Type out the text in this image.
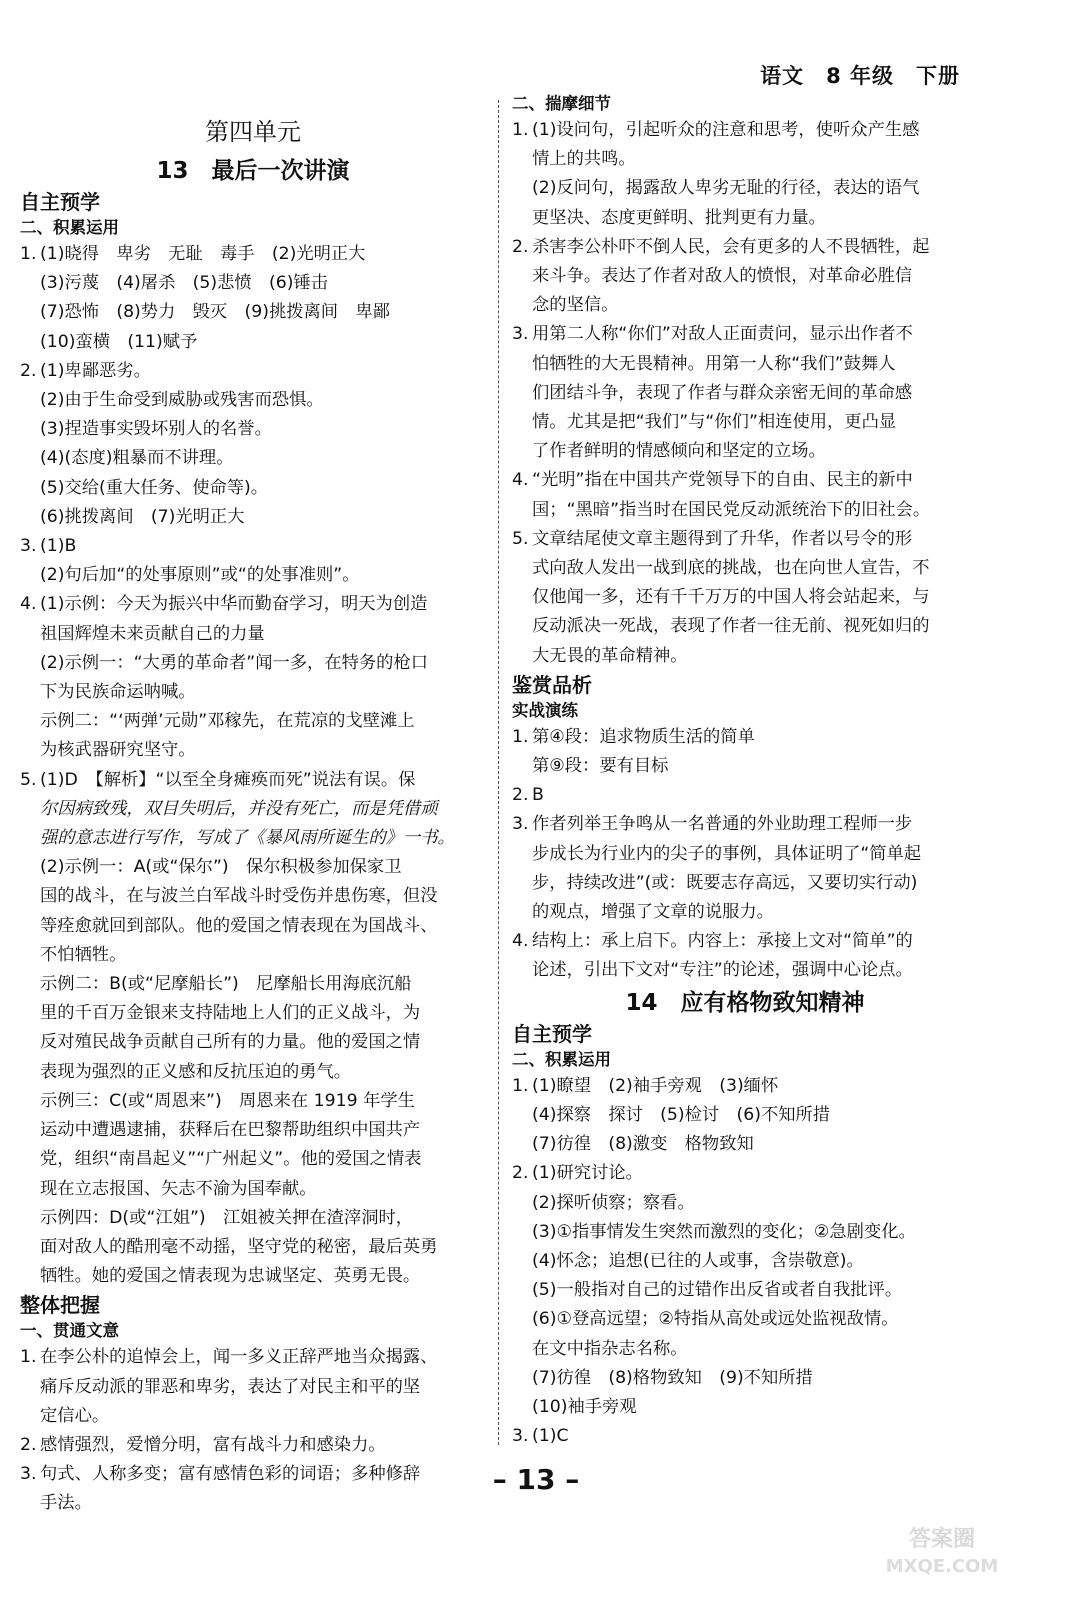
语文 8 年级 下册
第四单元
13　最后一次讲演
自主预学
二、积累运用
1. (1)晓得　卑劣　无耻　毒手　(2)光明正大
(3)污蔑　(4)屠杀　(5)悲愤　(6)锤击
(7)恐怖　(8)势力　毁灭　(9)挑拨离间　卑鄙
(10)蛮横　(11)赋予
2. (1)卑鄙恶劣。
(2)由于生命受到威胁或残害而恐惧。
(3)捏造事实毁坏别人的名誉。
(4)(态度)粗暴而不讲理。
(5)交给(重大任务、使命等)。
(6)挑拨离间　(7)光明正大
3. (1)B
(2)句后加“的处事原则”或“的处事准则”。
4. (1)示例：今天为振兴中华而勤奋学习，明天为创造
祖国辉煌未来贡献自己的力量
(2)示例一：“大勇的革命者”闻一多，在特务的枪口
下为民族命运呐喊。
示例二：“‘两弹’元勋”邓稼先，在荒凉的戈壁滩上
为核武器研究坚守。
5. (1)D　【解析】“以至全身瘫痪而死”说法有误。保
尔因病致残，双目失明后，并没有死亡，而是凭借顽
强的意志进行写作，写成了《暴风雨所诞生的》一书。
(2)示例一：A(或“保尔”)　保尔积极参加保家卫
国的战斗，在与波兰白军战斗时受伤并患伤寒，但没
等痊愈就回到部队。他的爱国之情表现在为国战斗、
不怕牺牲。
示例二：B(或“尼摩船长”)　尼摩船长用海底沉船
里的千百万金银来支持陆地上人们的正义战斗，为
反对殖民战争贡献自己所有的力量。他的爱国之情
表现为强烈的正义感和反抗压迫的勇气。
示例三：C(或“周恩来”)　周恩来在 1919 年学生
运动中遭遇逮捕，获释后在巴黎帮助组织中国共产
党，组织“南昌起义”“广州起义”。他的爱国之情表
现在立志报国、矢志不渝为国奉献。
示例四：D(或“江姐”)　江姐被关押在渣滓洞时，
面对敌人的酷刑毫不动摇，坚守党的秘密，最后英勇
牺牲。她的爱国之情表现为忠诚坚定、英勇无畏。
整体把握
一、贯通文意
1. 在李公朴的追悼会上，闻一多义正辞严地当众揭露、
痛斥反动派的罪恶和卑劣，表达了对民主和平的坚
定信心。
2. 感情强烈，爱憎分明，富有战斗力和感染力。
3. 句式、人称多变；富有感情色彩的词语；多种修辞
手法。
二、揣摩细节
1. (1)设问句，引起听众的注意和思考，使听众产生感
情上的共鸣。
(2)反问句，揭露敌人卑劣无耻的行径，表达的语气
更坚决、态度更鲜明、批判更有力量。
2. 杀害李公朴吓不倒人民，会有更多的人不畏牺牲，起
来斗争。表达了作者对敌人的愤恨，对革命必胜信
念的坚信。
3. 用第二人称“你们”对敌人正面责问，显示出作者不
怕牺牲的大无畏精神。用第一人称“我们”鼓舞人
们团结斗争，表现了作者与群众亲密无间的革命感
情。尤其是把“我们”与“你们”相连使用，更凸显
了作者鲜明的情感倾向和坚定的立场。
4. “光明”指在中国共产党领导下的自由、民主的新中
国；“黑暗”指当时在国民党反动派统治下的旧社会。
5. 文章结尾使文章主题得到了升华，作者以号令的形
式向敌人发出一战到底的挑战，也在向世人宣告，不
仅他闻一多，还有千千万万的中国人将会站起来，与
反动派决一死战，表现了作者一往无前、视死如归的
大无畏的革命精神。
鉴赏品析
实战演练
1. 第④段：追求物质生活的简单
第⑨段：要有目标
2. B
3. 作者列举王争鸣从一名普通的外业助理工程师一步
步成长为行业内的尖子的事例，具体证明了“简单起
步，持续改进”(或：既要志存高远，又要切实行动)
的观点，增强了文章的说服力。
4. 结构上：承上启下。内容上：承接上文对“简单”的
论述，引出下文对“专注”的论述，强调中心论点。
14　应有格物致知精神
自主预学
二、积累运用
1. (1)瞭望　(2)袖手旁观　(3)缅怀
(4)探察　探讨　(5)检讨　(6)不知所措
(7)彷徨　(8)激变　格物致知
2. (1)研究讨论。
(2)探听侦察；察看。
(3)①指事情发生突然而激烈的变化；②急剧变化。
(4)怀念；追想(已往的人或事，含崇敬意)。
(5)一般指对自己的过错作出反省或者自我批评。
(6)①登高远望；②特指从高处或远处监视敌情。
在文中指杂志名称。
(7)彷徨　(8)格物致知　(9)不知所措
(10)袖手旁观
3. (1)C
– 13 –
答案圈
MXQE.COM
